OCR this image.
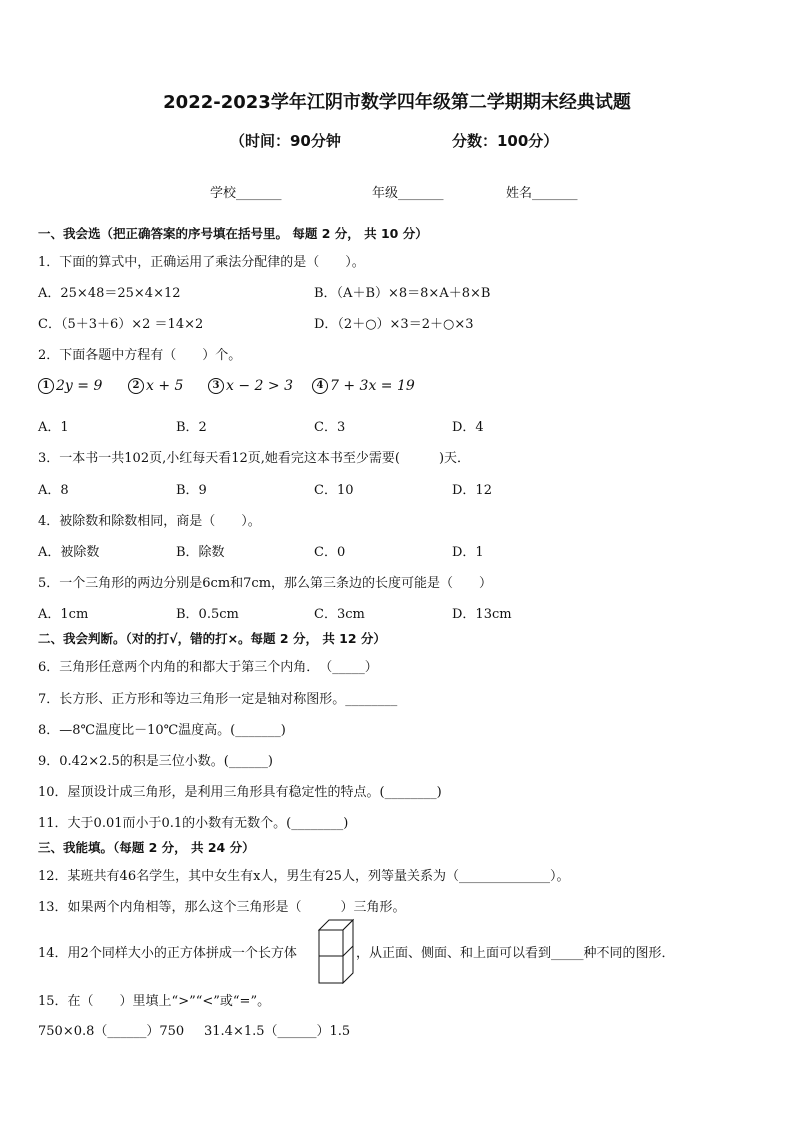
2022-2023学年江阴市数学四年级第二学期期末经典试题
（时间：90分钟	分数：100分）
学校_______	年级_______	姓名_______
一、我会选（把正确答案的序号填在括号里。 每题 2 分， 共 10 分）
1．下面的算式中，正确运用了乘法分配律的是（　　）。
A．25×48＝25×4×12	B．（A＋B）×8＝8×A＋8×B
C．（5＋3＋6）×2 ＝14×2	D．（2＋○）×3＝2＋○×3
2．下面各题中方程有（　　）个。
1 2y = 9	2 x + 5	3 x − 2 > 3	4 7 + 3x = 19
A．1	B．2	C．3	D．4
3．一本书一共102页,小红每天看12页,她看完这本书至少需要(　　　)天．
A．8	B．9	C．10	D．12
4．被除数和除数相同，商是（　　）。
A．被除数	B．除数	C．0	D．1
5．一个三角形的两边分别是6cm和7cm，那么第三条边的长度可能是（　　）
A．1cm	B．0.5cm	C．3cm	D．13cm
二、我会判断。（对的打√，错的打×。每题 2 分， 共 12 分）
6．三角形任意两个内角的和都大于第三个内角．　（_____）
7．长方形、正方形和等边三角形一定是轴对称图形。________
8．—8℃温度比－10℃温度高。(_______)
9．0.42×2.5的积是三位小数。(______)
10．屋顶设计成三角形，是利用三角形具有稳定性的特点。(________)
11．大于0.01而小于0.1的小数有无数个。(________)
三、我能填。（每题 2 分， 共 24 分）
12．某班共有46名学生，其中女生有x人，男生有25人，列等量关系为（______________）。
13．如果两个内角相等，那么这个三角形是（　　　）三角形。
14．用2个同样大小的正方体拼成一个长方体	，从正面、侧面、和上面可以看到_____种不同的图形．
15．在（　　）里填上“>”“<”或“=”。
750×0.8（______）750 31.4×1.5（______）1.5
